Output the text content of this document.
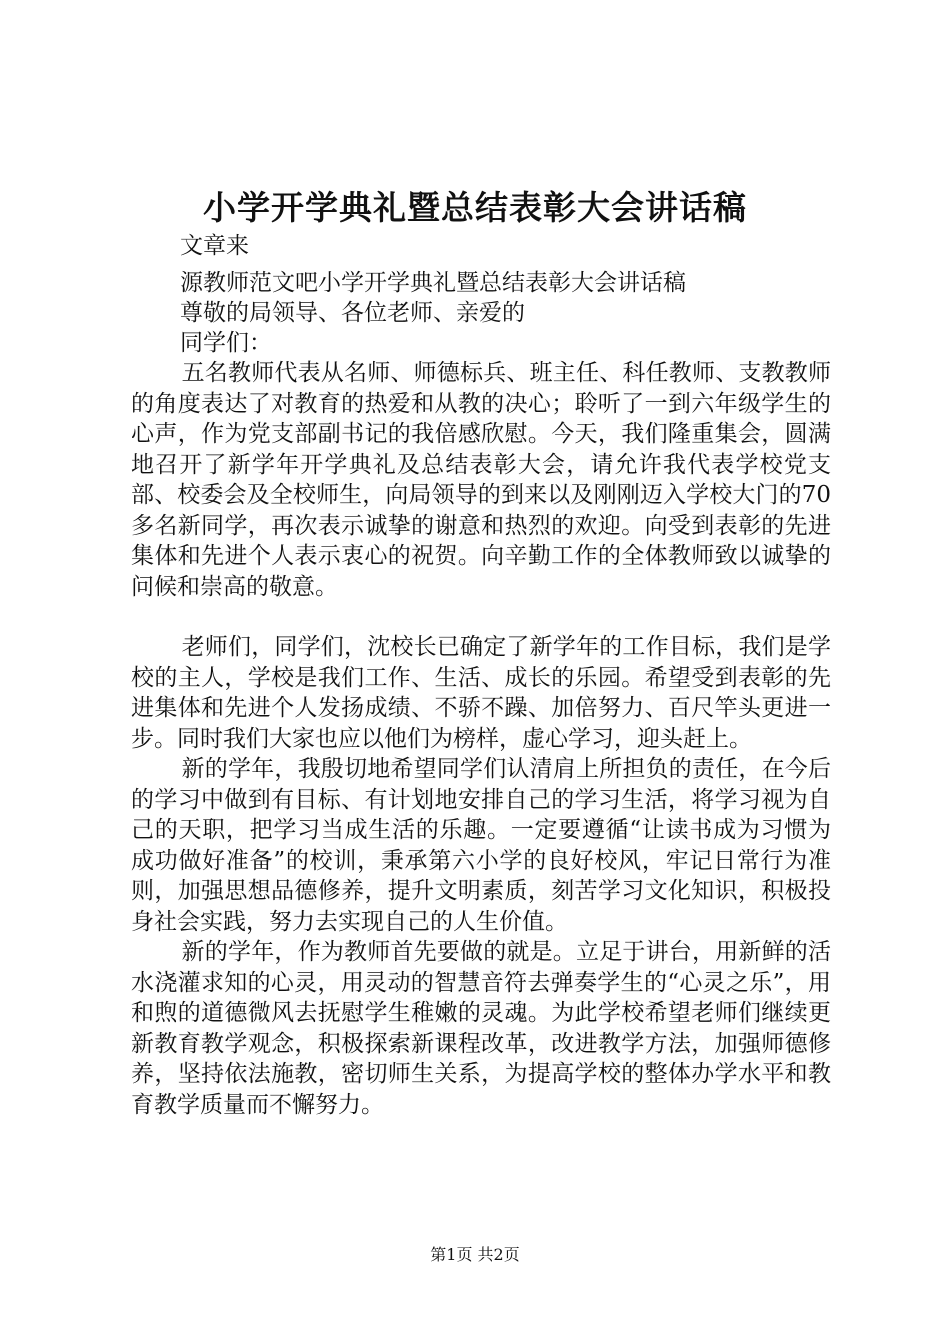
小学开学典礼暨总结表彰大会讲话稿
文章来
源教师范文吧小学开学典礼暨总结表彰大会讲话稿
尊敬的局领导、各位老师、亲爱的
同学们：

五名教师代表从名师、师德标兵、班主任、科任教师、支教教师的角度表达了对教育的热爱和从教的决心；聆听了一到六年级学生的心声，作为党支部副书记的我倍感欣慰。今天，我们隆重集会，圆满地召开了新学年开学典礼及总结表彰大会，请允许我代表学校党支部、校委会及全校师生，向局领导的到来以及刚刚迈入学校大门的70多名新同学，再次表示诚挚的谢意和热烈的欢迎。向受到表彰的先进集体和先进个人表示衷心的祝贺。向辛勤工作的全体教师致以诚挚的问候和崇高的敬意。

老师们，同学们，沈校长已确定了新学年的工作目标，我们是学校的主人，学校是我们工作、生活、成长的乐园。希望受到表彰的先进集体和先进个人发扬成绩、不骄不躁、加倍努力、百尺竿头更进一步。同时我们大家也应以他们为榜样，虚心学习，迎头赶上。

新的学年，我殷切地希望同学们认清肩上所担负的责任，在今后的学习中做到有目标、有计划地安排自己的学习生活，将学习视为自己的天职，把学习当成生活的乐趣。一定要遵循“让读书成为习惯为成功做好准备”的校训，秉承第六小学的良好校风，牢记日常行为准则，加强思想品德修养，提升文明素质，刻苦学习文化知识，积极投身社会实践，努力去实现自己的人生价值。

新的学年，作为教师首先要做的就是。立足于讲台，用新鲜的活水浇灌求知的心灵，用灵动的智慧音符去弹奏学生的“心灵之乐”，用和煦的道德微风去抚慰学生稚嫩的灵魂。为此学校希望老师们继续更新教育教学观念，积极探索新课程改革，改进教学方法，加强师德修养，坚持依法施教，密切师生关系，为提高学校的整体办学水平和教育教学质量而不懈努力。

第1页 共2页
